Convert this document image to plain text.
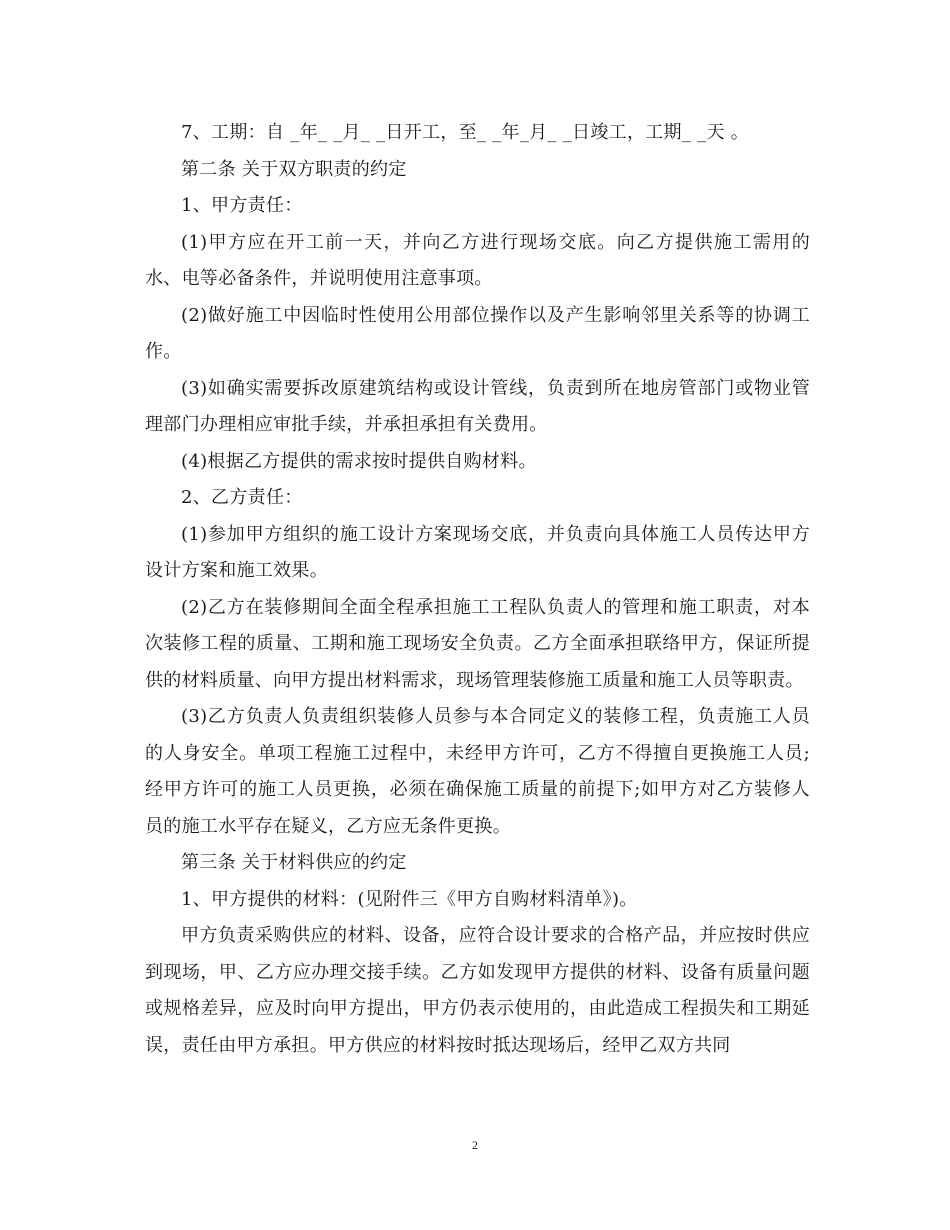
7、工期：自 _年_ _月_ _日开工，至_ _年_月_ _日竣工，工期_ _天 。

第二条 关于双方职责的约定

1、甲方责任：

(1)甲方应在开工前一天，并向乙方进行现场交底。向乙方提供施工需用的水、电等必备条件，并说明使用注意事项。

(2)做好施工中因临时性使用公用部位操作以及产生影响邻里关系等的协调工作。

(3)如确实需要拆改原建筑结构或设计管线，负责到所在地房管部门或物业管理部门办理相应审批手续，并承担承担有关费用。

(4)根据乙方提供的需求按时提供自购材料。

2、乙方责任：

(1)参加甲方组织的施工设计方案现场交底，并负责向具体施工人员传达甲方设计方案和施工效果。

(2)乙方在装修期间全面全程承担施工工程队负责人的管理和施工职责，对本次装修工程的质量、工期和施工现场安全负责。乙方全面承担联络甲方，保证所提供的材料质量、向甲方提出材料需求，现场管理装修施工质量和施工人员等职责。

(3)乙方负责人负责组织装修人员参与本合同定义的装修工程，负责施工人员的人身安全。单项工程施工过程中，未经甲方许可，乙方不得擅自更换施工人员;经甲方许可的施工人员更换，必须在确保施工质量的前提下;如甲方对乙方装修人员的施工水平存在疑义，乙方应无条件更换。

第三条 关于材料供应的约定

1、甲方提供的材料：(见附件三《甲方自购材料清单》)。

甲方负责采购供应的材料、设备，应符合设计要求的合格产品，并应按时供应到现场，甲、乙方应办理交接手续。乙方如发现甲方提供的材料、设备有质量问题或规格差异，应及时向甲方提出，甲方仍表示使用的，由此造成工程损失和工期延误，责任由甲方承担。甲方供应的材料按时抵达现场后，经甲乙双方共同

2
